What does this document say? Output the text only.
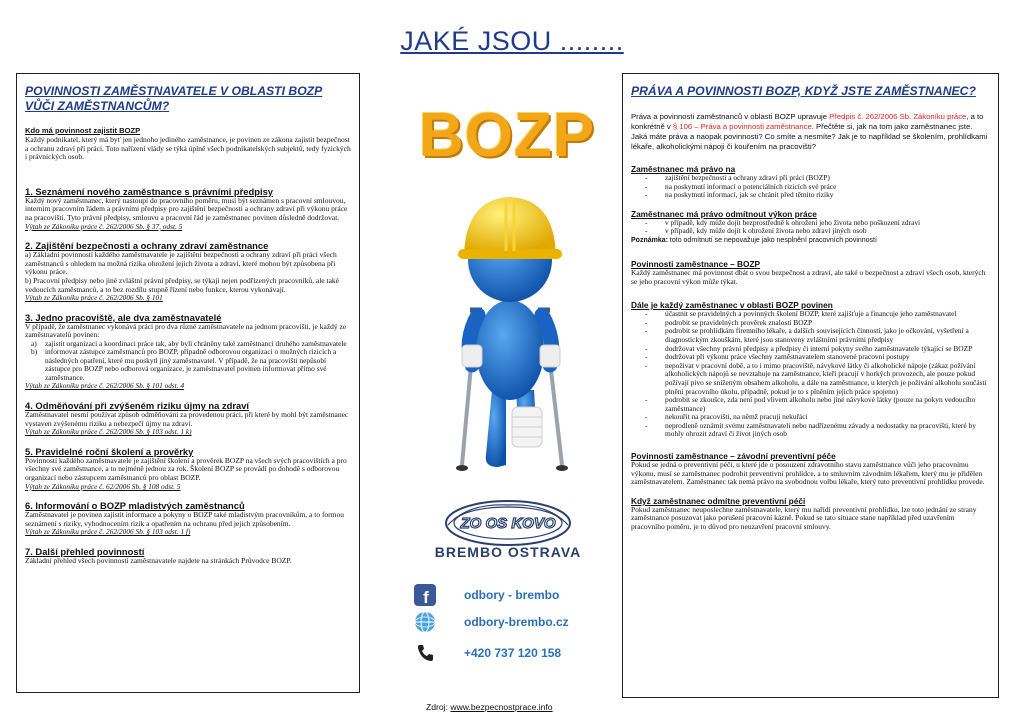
JAKÉ JSOU ........
POVINNOSTI ZAMĚSTNAVATELE V OBLASTI BOZP VŮČI ZAMĚSTNANCŮM?
Kdo má povinnost zajistit BOZP
Každý podnikatel, který má byť jen jednoho jediného zaměstnance, je povinen ze zákona zajistit bezpečnost a ochranu zdraví při práci. Toto nařízení vlády se týká úplně všech podnikatelských subjektů, tedy fyzických i právnických osob.
1. Seznámení nového zaměstnance s právními předpisy
Každý nový zaměstnanec, který nastoupí do pracovního poměru, musí být seznámen s pracovní smlouvou, interním pracovním řádem a právními předpisy pro zajištění bezpečnosti a ochrany zdraví při výkonu práce na pracovišti. Tyto právní předpisy, smlouvu a pracovní řád je zaměstnanec povinen důsledně dodržovat.
Výtah ze Zákoníku práce č. 262/2006 Sb. § 37, odst. 5
2. Zajištění bezpečnosti a ochrany zdraví zaměstnance
a) Základní povinností každého zaměstnavatele je zajištění bezpečnosti a ochrany zdraví při práci všech zaměstnanců s ohledem na možná rizika ohrožení jejich života a zdraví, které mohou být způsobena při výkonu práce.
b) Pracovní předpisy nebo jiné zvláštní právní předpisy, se týkají nejen podřízených pracovníků, ale také vedoucích zaměstnanců, a to bez rozdílu stupně řízení nebo funkce, kterou vykonávají.
Výtah ze Zákoníku práce č. 262/2006 Sb. § 101
3. Jedno pracoviště, ale dva zaměstnavatelé
V případě, že zaměstnanec vykonává práci pro dva různé zaměstnavatele na jednom pracovišti, je každý ze zaměstnavatelů povinen:
a) zajistit organizaci a koordinaci práce tak, aby byli chráněny také zaměstnanci druhého zaměstnavatele
b) informovat zástupce zaměstnanců pro BOZP, případně odborovou organizaci o možných rizicích a následných opatření, které mu poskytl jiný zaměstnavatel. V případě, že na pracovišti nepůsobí zástupce pro BOZP nebo odborová organizace, je zaměstnavatel povinen informovat přímo své zaměstnance.
Výtah ze Zákoníku práce č. 262/2006 Sb. § 101 odst. 4
4. Odměňování při zvýšeném riziku újmy na zdraví
Zaměstnavatel nesmí používat způsob odměňování za provedenou práci, při které by mohl být zaměstnanec vystaven zvýšenému riziku a nebezpečí újmy na zdraví.
Výtah ze Zákoníku práce č. 262/2006 Sb. § 103 odst. 1 k)
5. Pravidelné roční školení a prověrky
Povinností každého zaměstnavatele je zajištění školení a prověrek BOZP na všech svých pracovištích a pro všechny své zaměstnance, a to nejméně jednou za rok. Školení BOZP se provádí po dohodě s odborovou organizací nebo zástupcem zaměstnanců pro oblast BOZP.
Výtah ze Zákoníku práce č. 62/2006 Sb. § 108 odst. 5
6. Informování o BOZP mladistvých zaměstnanců
Zaměstnavatel je povinen zajistit informace a pokyny o BOZP také mladistvým pracovníkům, a to formou seznámení s riziky, vyhodnocením rizik a opatřením na ochranu před jejich způsobením.
Výtah ze Zákoníku práce č. 262/2006 Sb. § 103 odst. 1 f)
7. Další přehled povinností
Základní přehled všech povinností zaměstnavatele najdete na stránkách Průvodce BOZP.
BOZP
ZO OS KOVO
BREMBO OSTRAVA
f	odbory - brembo
odbory-brembo.cz
+420 737 120 158
Zdroj: www.bezpecnostprace.info
PRÁVA A POVINNOSTI BOZP, KDYŽ JSTE ZAMĚSTNANEC?
Práva a povinnosti zaměstnanců v oblasti BOZP upravuje Předpis č. 262/2006 Sb. Zákoníku práce, a to konkrétně v § 106 – Práva a povinnosti zaměstnance. Přečtěte si, jak na tom jako zaměstnanec jste. Jaká máte práva a naopak povinnosti? Co smíte a nesmíte? Jak je to například se školením, prohlídkami lékaře, alkoholickými nápoji či kouřením na pracovišti?
Zaměstnanec má právo na
- zajištění bezpečnosti a ochrany zdraví při práci (BOZP)
- na poskytnutí informací o potenciálních rizicích své práce
- na poskytnutí informací, jak se chránit před těmito riziky
Zaměstnanec má právo odmítnout výkon práce
- v případě, kdy může dojít bezprostředně k ohrožení jeho života nebo poškození zdraví
- v případě, kdy může dojít k ohrožení života nebo zdraví jiných osob
Poznámka: toto odmítnutí se nepovažuje jako nesplnění pracovních povinností
Povinnosti zaměstnance – BOZP
Každý zaměstnanec má povinnost dbát o svou bezpečnost a zdraví, ale také o bezpečnost a zdraví všech osob, kterých se jeho pracovní výkon může týkat.
Dále je každý zaměstnanec v oblasti BOZP povinen
- účastnit se pravidelných a povinných školení BOZP, které zajišťuje a financuje jeho zaměstnavatel
- podrobit se pravidelných prověrek znalostí BOZP
- podrobit se prohlídkám firemního lékaře, a dalších souvisejících činností, jako je očkování, vyšetření a diagnostickým zkouškám, které jsou stanoveny zvláštními právními předpisy
- dodržovat všechny právní předpisy a předpisy či interní pokyny svého zaměstnavatele týkající se BOZP
- dodržovat při výkonu práce všechny zaměstnavatelem stanovené pracovní postupy
- nepožívat v pracovní době, a to i mimo pracoviště, návykové látky či alkoholické nápoje (zákaz požívání alkoholických nápojů se nevztahuje na zaměstnance, kteří pracují v horkých provozech, ale pouze pokud požívají pivo se sníženým obsahem alkoholu, a dále na zaměstnance, u kterých je požívání alkoholu součástí plnění pracovního úkolu, případně, pokud je to s plněním jejich práce spojeno)
- podrobit se zkoušce, zda není pod vlivem alkoholu nebo jiné návykové látky (pouze na pokyn vedoucího zaměstnance)
- nekouřit na pracovišti, na němž pracují nekuřáci
- neprodleně oznámit svému zaměstnavateli nebo nadřízenému závady a nedostatky na pracovišti, které by mohly ohrozit zdraví či život jiných osob
Povinnosti zaměstnance – závodní preventivní péče
Pokud se jedná o preventivní péči, u které jde o posouzení zdravotního stavu zaměstnance vůči jeho pracovnímu výkonu, musí se zaměstnanec podrobit preventivní prohlídce, a to smluvním závodním lékařem, který mu je přidělen zaměstnavatelem. Zaměstnanec tak nemá právo na svobodnou volbu lékaře, který tuto preventivní prohlídku provede.
Když zaměstnanec odmítne preventivní péči
Pokud zaměstnanec neuposlechne zaměstnavatele, který mu nařídí preventivní prohlídku, lze toto jednání ze strany zaměstnance posuzovat jako porušení pracovní kázně. Pokud se tato situace stane například před uzavřením pracovního poměru, je to důvod pro neuzavření pracovní smlouvy.
